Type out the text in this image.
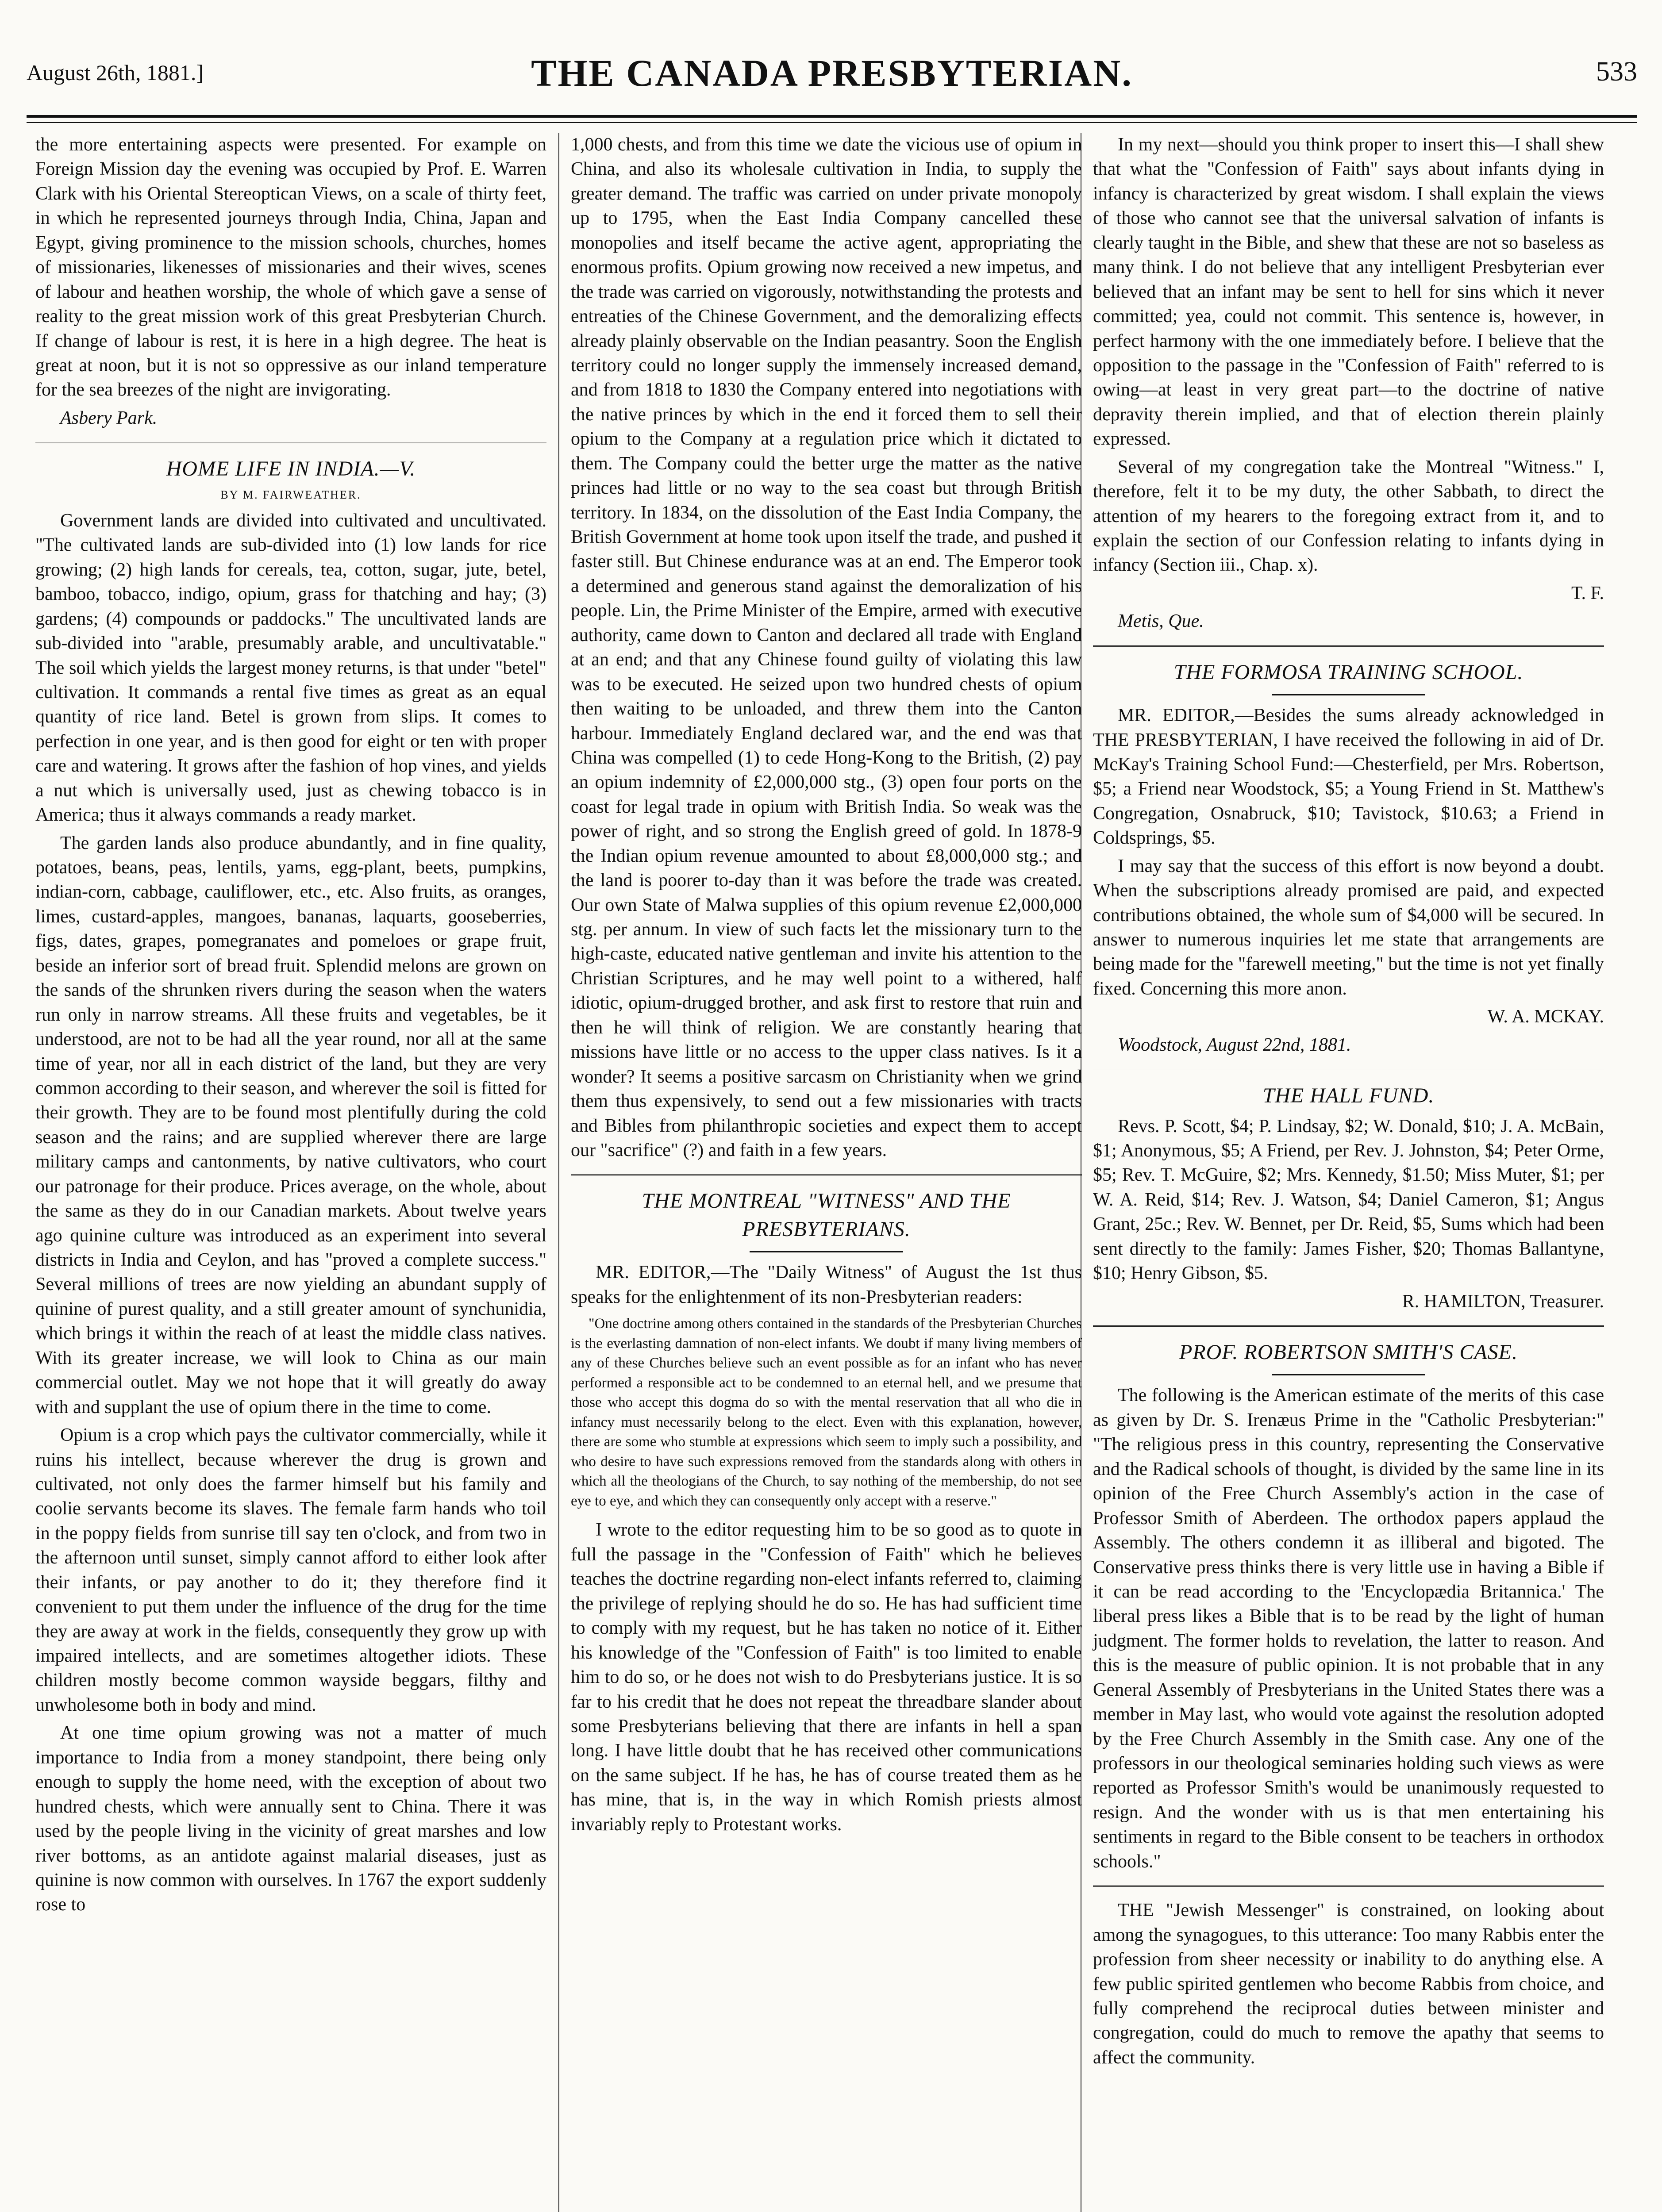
August 26th, 1881.]	THE CANADA PRESBYTERIAN.	533

the more entertaining aspects were presented. For example on Foreign Mission day the evening was occupied by Prof. E. Warren Clark with his Oriental Stereoptican Views, on a scale of thirty feet, in which he represented journeys through India, China, Japan and Egypt, giving prominence to the mission schools, churches, homes of missionaries, likenesses of missionaries and their wives, scenes of labour and heathen worship, the whole of which gave a sense of reality to the great mission work of this great Presbyterian Church. If change of labour is rest, it is here in a high degree. The heat is great at noon, but it is not so oppressive as our inland temperature for the sea breezes of the night are invigorating.

Asbery Park.

HOME LIFE IN INDIA.—V.
BY M. FAIRWEATHER.

Government lands are divided into cultivated and uncultivated. "The cultivated lands are sub-divided into (1) low lands for rice growing; (2) high lands for cereals, tea, cotton, sugar, jute, betel, bamboo, tobacco, indigo, opium, grass for thatching and hay; (3) gardens; (4) compounds or paddocks." The uncultivated lands are sub-divided into "arable, presumably arable, and uncultivatable." The soil which yields the largest money returns, is that under "betel" cultivation. It commands a rental five times as great as an equal quantity of rice land. Betel is grown from slips. It comes to perfection in one year, and is then good for eight or ten with proper care and watering. It grows after the fashion of hop vines, and yields a nut which is universally used, just as chewing tobacco is in America; thus it always commands a ready market.

The garden lands also produce abundantly, and in fine quality, potatoes, beans, peas, lentils, yams, egg-plant, beets, pumpkins, indian-corn, cabbage, cauliflower, etc., etc. Also fruits, as oranges, limes, custard-apples, mangoes, bananas, laquarts, gooseberries, figs, dates, grapes, pomegranates and pomeloes or grape fruit, beside an inferior sort of bread fruit. Splendid melons are grown on the sands of the shrunken rivers during the season when the waters run only in narrow streams. All these fruits and vegetables, be it understood, are not to be had all the year round, nor all at the same time of year, nor all in each district of the land, but they are very common according to their season, and wherever the soil is fitted for their growth. They are to be found most plentifully during the cold season and the rains; and are supplied wherever there are large military camps and cantonments, by native cultivators, who court our patronage for their produce. Prices average, on the whole, about the same as they do in our Canadian markets. About twelve years ago quinine culture was introduced as an experiment into several districts in India and Ceylon, and has "proved a complete success." Several millions of trees are now yielding an abundant supply of quinine of purest quality, and a still greater amount of synchunidia, which brings it within the reach of at least the middle class natives. With its greater increase, we will look to China as our main commercial outlet. May we not hope that it will greatly do away with and supplant the use of opium there in the time to come.

Opium is a crop which pays the cultivator commercially, while it ruins his intellect, because wherever the drug is grown and cultivated, not only does the farmer himself but his family and coolie servants become its slaves. The female farm hands who toil in the poppy fields from sunrise till say ten o'clock, and from two in the afternoon until sunset, simply cannot afford to either look after their infants, or pay another to do it; they therefore find it convenient to put them under the influence of the drug for the time they are away at work in the fields, consequently they grow up with impaired intellects, and are sometimes altogether idiots. These children mostly become common wayside beggars, filthy and unwholesome both in body and mind.

At one time opium growing was not a matter of much importance to India from a money standpoint, there being only enough to supply the home need, with the exception of about two hundred chests, which were annually sent to China. There it was used by the people living in the vicinity of great marshes and low river bottoms, as an antidote against malarial diseases, just as quinine is now common with ourselves. In 1767 the export suddenly rose to

1,000 chests, and from this time we date the vicious use of opium in China, and also its wholesale cultivation in India, to supply the greater demand. The traffic was carried on under private monopoly up to 1795, when the East India Company cancelled these monopolies and itself became the active agent, appropriating the enormous profits. Opium growing now received a new impetus, and the trade was carried on vigorously, notwithstanding the protests and entreaties of the Chinese Government, and the demoralizing effects already plainly observable on the Indian peasantry. Soon the English territory could no longer supply the immensely increased demand, and from 1818 to 1830 the Company entered into negotiations with the native princes by which in the end it forced them to sell their opium to the Company at a regulation price which it dictated to them. The Company could the better urge the matter as the native princes had little or no way to the sea coast but through British territory. In 1834, on the dissolution of the East India Company, the British Government at home took upon itself the trade, and pushed it faster still. But Chinese endurance was at an end. The Emperor took a determined and generous stand against the demoralization of his people. Lin, the Prime Minister of the Empire, armed with executive authority, came down to Canton and declared all trade with England at an end; and that any Chinese found guilty of violating this law was to be executed. He seized upon two hundred chests of opium then waiting to be unloaded, and threw them into the Canton harbour. Immediately England declared war, and the end was that China was compelled (1) to cede Hong-Kong to the British, (2) pay an opium indemnity of £2,000,000 stg., (3) open four ports on the coast for legal trade in opium with British India. So weak was the power of right, and so strong the English greed of gold. In 1878-9 the Indian opium revenue amounted to about £8,000,000 stg.; and the land is poorer to-day than it was before the trade was created. Our own State of Malwa supplies of this opium revenue £2,000,000 stg. per annum. In view of such facts let the missionary turn to the high-caste, educated native gentleman and invite his attention to the Christian Scriptures, and he may well point to a withered, half idiotic, opium-drugged brother, and ask first to restore that ruin and then he will think of religion. We are constantly hearing that missions have little or no access to the upper class natives. Is it a wonder? It seems a positive sarcasm on Christianity when we grind them thus expensively, to send out a few missionaries with tracts and Bibles from philanthropic societies and expect them to accept our "sacrifice" (?) and faith in a few years.

THE MONTREAL "WITNESS" AND THE PRESBYTERIANS.

MR. EDITOR,—The "Daily Witness" of August the 1st thus speaks for the enlightenment of its non-Presbyterian readers:

"One doctrine among others contained in the standards of the Presbyterian Churches is the everlasting damnation of non-elect infants. We doubt if many living members of any of these Churches believe such an event possible as for an infant who has never performed a responsible act to be condemned to an eternal hell, and we presume that those who accept this dogma do so with the mental reservation that all who die in infancy must necessarily belong to the elect. Even with this explanation, however, there are some who stumble at expressions which seem to imply such a possibility, and who desire to have such expressions removed from the standards along with others in which all the theologians of the Church, to say nothing of the membership, do not see eye to eye, and which they can consequently only accept with a reserve."

I wrote to the editor requesting him to be so good as to quote in full the passage in the "Confession of Faith" which he believes teaches the doctrine regarding non-elect infants referred to, claiming the privilege of replying should he do so. He has had sufficient time to comply with my request, but he has taken no notice of it. Either his knowledge of the "Confession of Faith" is too limited to enable him to do so, or he does not wish to do Presbyterians justice. It is so far to his credit that he does not repeat the threadbare slander about some Presbyterians believing that there are infants in hell a span long. I have little doubt that he has received other communications on the same subject. If he has, he has of course treated them as he has mine, that is, in the way in which Romish priests almost invariably reply to Protestant works.

In my next—should you think proper to insert this—I shall shew that what the "Confession of Faith" says about infants dying in infancy is characterized by great wisdom. I shall explain the views of those who cannot see that the universal salvation of infants is clearly taught in the Bible, and shew that these are not so baseless as many think. I do not believe that any intelligent Presbyterian ever believed that an infant may be sent to hell for sins which it never committed; yea, could not commit. This sentence is, however, in perfect harmony with the one immediately before. I believe that the opposition to the passage in the "Confession of Faith" referred to is owing—at least in very great part—to the doctrine of native depravity therein implied, and that of election therein plainly expressed.

Several of my congregation take the Montreal "Witness." I, therefore, felt it to be my duty, the other Sabbath, to direct the attention of my hearers to the foregoing extract from it, and to explain the section of our Confession relating to infants dying in infancy (Section iii., Chap. x).

T. F.

Metis, Que.

THE FORMOSA TRAINING SCHOOL.

MR. EDITOR,—Besides the sums already acknowledged in THE PRESBYTERIAN, I have received the following in aid of Dr. McKay's Training School Fund:—Chesterfield, per Mrs. Robertson, $5; a Friend near Woodstock, $5; a Young Friend in St. Matthew's Congregation, Osnabruck, $10; Tavistock, $10.63; a Friend in Coldsprings, $5.

I may say that the success of this effort is now beyond a doubt. When the subscriptions already promised are paid, and expected contributions obtained, the whole sum of $4,000 will be secured. In answer to numerous inquiries let me state that arrangements are being made for the "farewell meeting," but the time is not yet finally fixed. Concerning this more anon.

W. A. MCKAY.

Woodstock, August 22nd, 1881.

THE HALL FUND.

Revs. P. Scott, $4; P. Lindsay, $2; W. Donald, $10; J. A. McBain, $1; Anonymous, $5; A Friend, per Rev. J. Johnston, $4; Peter Orme, $5; Rev. T. McGuire, $2; Mrs. Kennedy, $1.50; Miss Muter, $1; per W. A. Reid, $14; Rev. J. Watson, $4; Daniel Cameron, $1; Angus Grant, 25c.; Rev. W. Bennet, per Dr. Reid, $5, Sums which had been sent directly to the family: James Fisher, $20; Thomas Ballantyne, $10; Henry Gibson, $5.

R. HAMILTON, Treasurer.

PROF. ROBERTSON SMITH'S CASE.

The following is the American estimate of the merits of this case as given by Dr. S. Irenæus Prime in the "Catholic Presbyterian:" "The religious press in this country, representing the Conservative and the Radical schools of thought, is divided by the same line in its opinion of the Free Church Assembly's action in the case of Professor Smith of Aberdeen. The orthodox papers applaud the Assembly. The others condemn it as illiberal and bigoted. The Conservative press thinks there is very little use in having a Bible if it can be read according to the 'Encyclopædia Britannica.' The liberal press likes a Bible that is to be read by the light of human judgment. The former holds to revelation, the latter to reason. And this is the measure of public opinion. It is not probable that in any General Assembly of Presbyterians in the United States there was a member in May last, who would vote against the resolution adopted by the Free Church Assembly in the Smith case. Any one of the professors in our theological seminaries holding such views as were reported as Professor Smith's would be unanimously requested to resign. And the wonder with us is that men entertaining his sentiments in regard to the Bible consent to be teachers in orthodox schools."

THE "Jewish Messenger" is constrained, on looking about among the synagogues, to this utterance: Too many Rabbis enter the profession from sheer necessity or inability to do anything else. A few public spirited gentlemen who become Rabbis from choice, and fully comprehend the reciprocal duties between minister and congregation, could do much to remove the apathy that seems to affect the community.
